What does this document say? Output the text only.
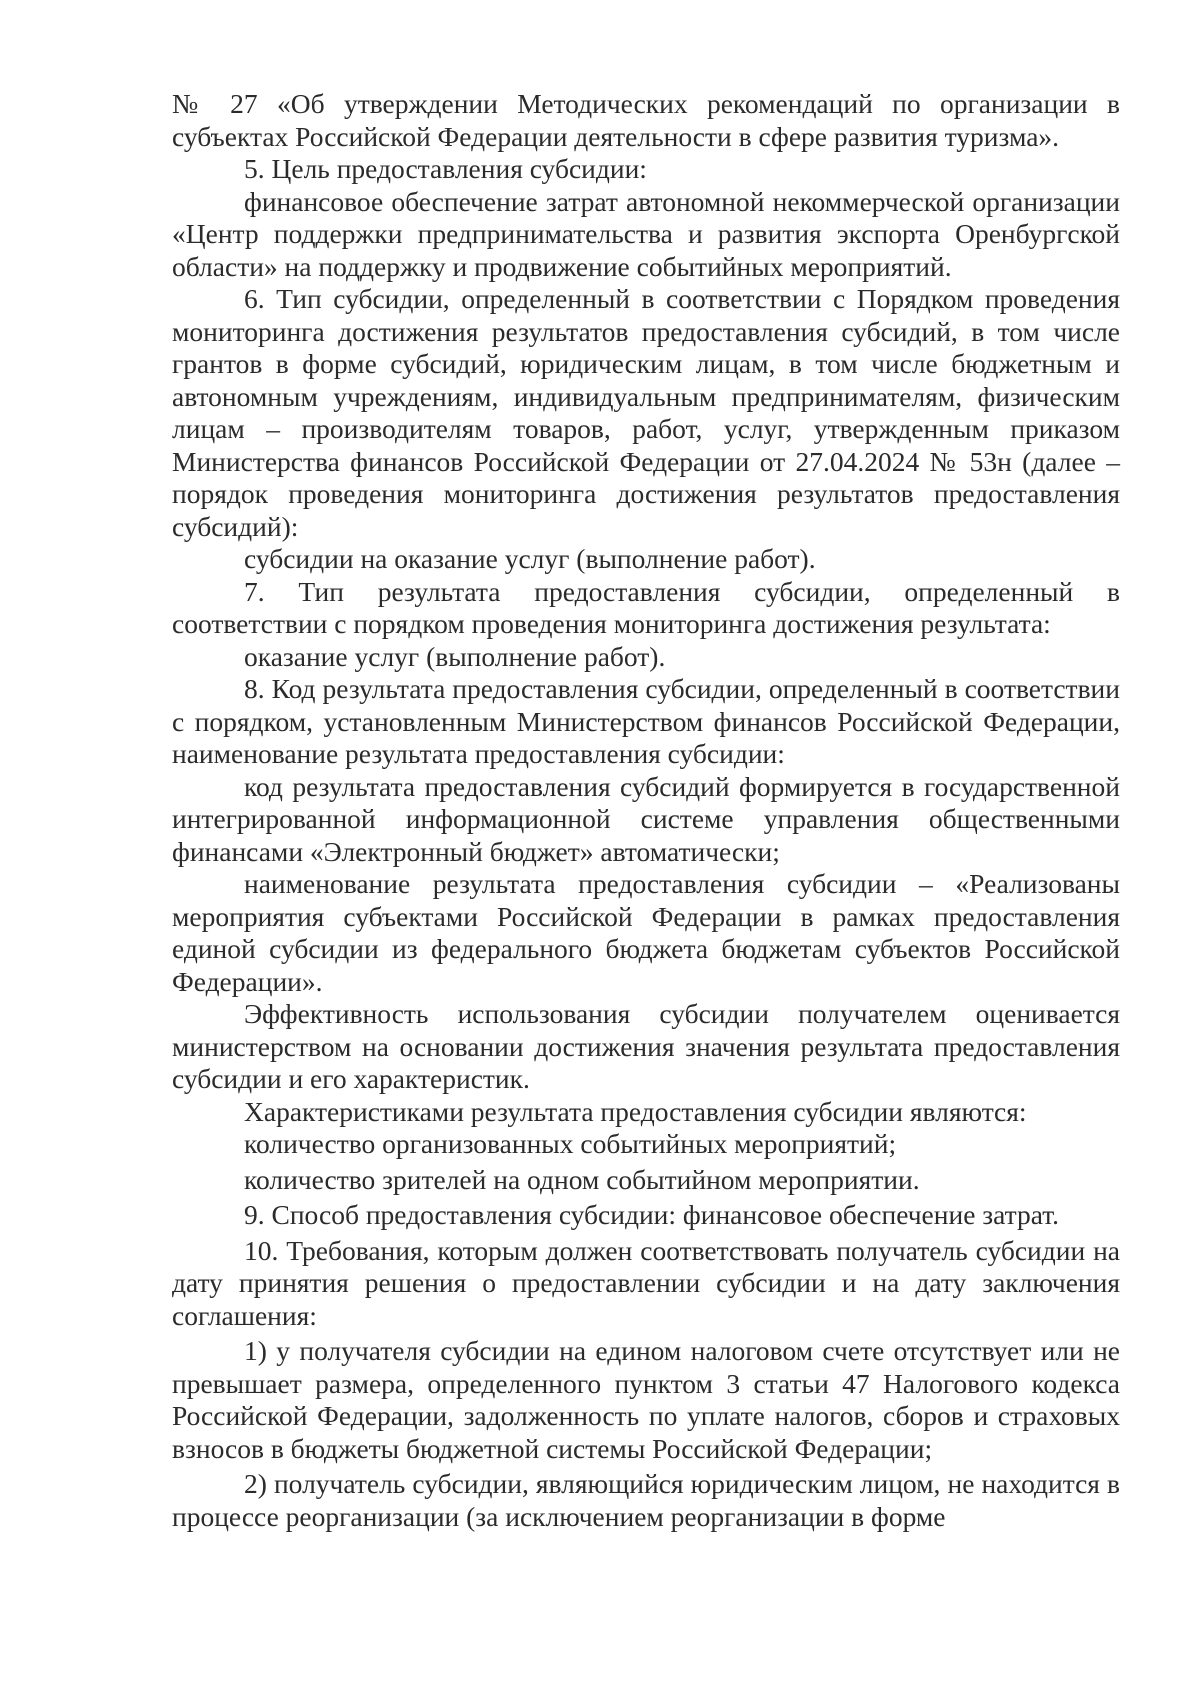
№ 27 «Об утверждении Методических рекомендаций по организации в субъектах Российской Федерации деятельности в сфере развития туризма».

5. Цель предоставления субсидии:

финансовое обеспечение затрат автономной некоммерческой организации «Центр поддержки предпринимательства и развития экспорта Оренбургской области» на поддержку и продвижение событийных мероприятий.

6. Тип субсидии, определенный в соответствии с Порядком проведения мониторинга достижения результатов предоставления субсидий, в том числе грантов в форме субсидий, юридическим лицам, в том числе бюджетным и автономным учреждениям, индивидуальным предпринимателям, физическим лицам – производителям товаров, работ, услуг, утвержденным приказом Министерства финансов Российской Федерации от 27.04.2024 № 53н (далее – порядок проведения мониторинга достижения результатов предоставления субсидий):

субсидии на оказание услуг (выполнение работ).

7. Тип результата предоставления субсидии, определенный в соответствии с порядком проведения мониторинга достижения результата:

оказание услуг (выполнение работ).

8. Код результата предоставления субсидии, определенный в соответствии с порядком, установленным Министерством финансов Российской Федерации, наименование результата предоставления субсидии:

код результата предоставления субсидий формируется в государственной интегрированной информационной системе управления общественными финансами «Электронный бюджет» автоматически;

наименование результата предоставления субсидии – «Реализованы мероприятия субъектами Российской Федерации в рамках предоставления единой субсидии из федерального бюджета бюджетам субъектов Российской Федерации».

Эффективность использования субсидии получателем оценивается министерством на основании достижения значения результата предоставления субсидии и его характеристик.

Характеристиками результата предоставления субсидии являются:

количество организованных событийных мероприятий;

количество зрителей на одном событийном мероприятии.

9. Способ предоставления субсидии: финансовое обеспечение затрат.

10. Требования, которым должен соответствовать получатель субсидии на дату принятия решения о предоставлении субсидии и на дату заключения соглашения:

1) у получателя субсидии на едином налоговом счете отсутствует или не превышает размера, определенного пунктом 3 статьи 47 Налогового кодекса Российской Федерации, задолженность по уплате налогов, сборов и страховых взносов в бюджеты бюджетной системы Российской Федерации;

2) получатель субсидии, являющийся юридическим лицом, не находится в процессе реорганизации (за исключением реорганизации в форме
